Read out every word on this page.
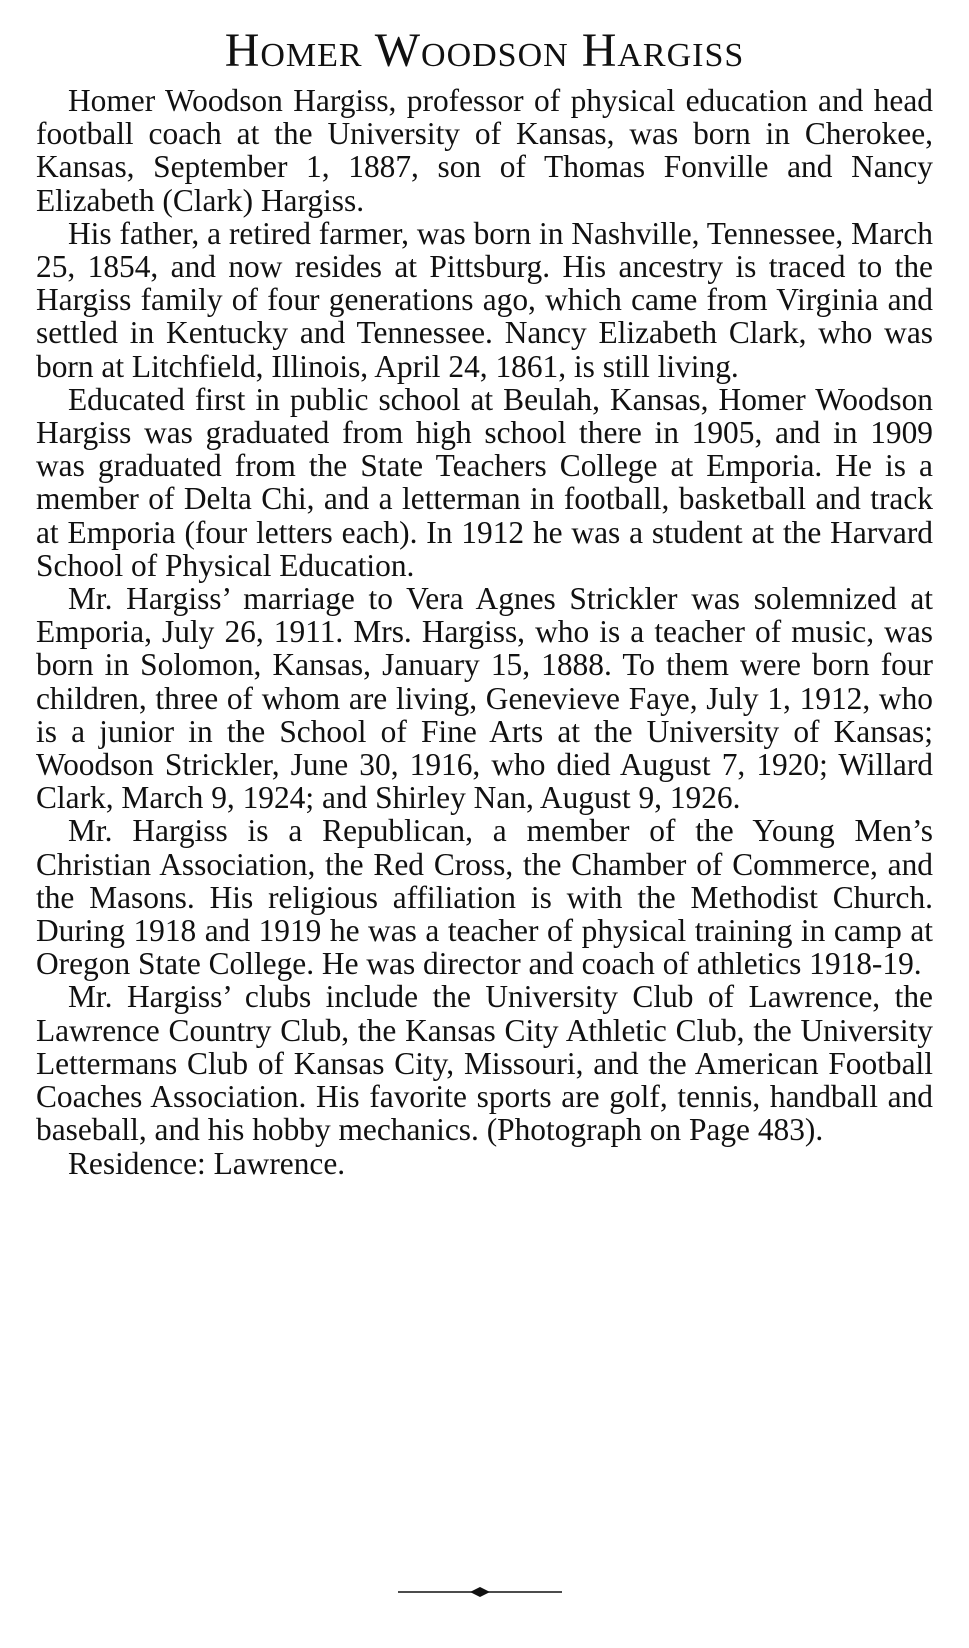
Homer Woodson Hargiss

Homer Woodson Hargiss, professor of physical education and head football coach at the University of Kansas, was born in Cherokee, Kansas, September 1, 1887, son of Thomas Fonville and Nancy Elizabeth (Clark) Hargiss.

His father, a retired farmer, was born in Nashville, Tennessee, March 25, 1854, and now resides at Pittsburg. His ancestry is traced to the Hargiss family of four generations ago, which came from Virginia and settled in Kentucky and Tennessee. Nancy Elizabeth Clark, who was born at Litchfield, Illinois, April 24, 1861, is still living.

Educated first in public school at Beulah, Kansas, Homer Woodson Hargiss was graduated from high school there in 1905, and in 1909 was graduated from the State Teachers College at Emporia. He is a member of Delta Chi, and a letterman in football, basketball and track at Emporia (four letters each). In 1912 he was a student at the Harvard School of Physical Education.

Mr. Hargiss’ marriage to Vera Agnes Strickler was solemnized at Emporia, July 26, 1911. Mrs. Hargiss, who is a teacher of music, was born in Solomon, Kansas, January 15, 1888. To them were born four children, three of whom are living, Genevieve Faye, July 1, 1912, who is a junior in the School of Fine Arts at the University of Kansas; Woodson Strickler, June 30, 1916, who died August 7, 1920; Willard Clark, March 9, 1924; and Shirley Nan, August 9, 1926.

Mr. Hargiss is a Republican, a member of the Young Men’s Christian Association, the Red Cross, the Chamber of Commerce, and the Masons. His religious affiliation is with the Methodist Church. During 1918 and 1919 he was a teacher of physical training in camp at Oregon State College. He was director and coach of athletics 1918-19.

Mr. Hargiss’ clubs include the University Club of Lawrence, the Lawrence Country Club, the Kansas City Athletic Club, the University Lettermans Club of Kansas City, Missouri, and the American Football Coaches Association. His favorite sports are golf, tennis, handball and baseball, and his hobby mechanics. (Photograph on Page 483).

Residence: Lawrence.
